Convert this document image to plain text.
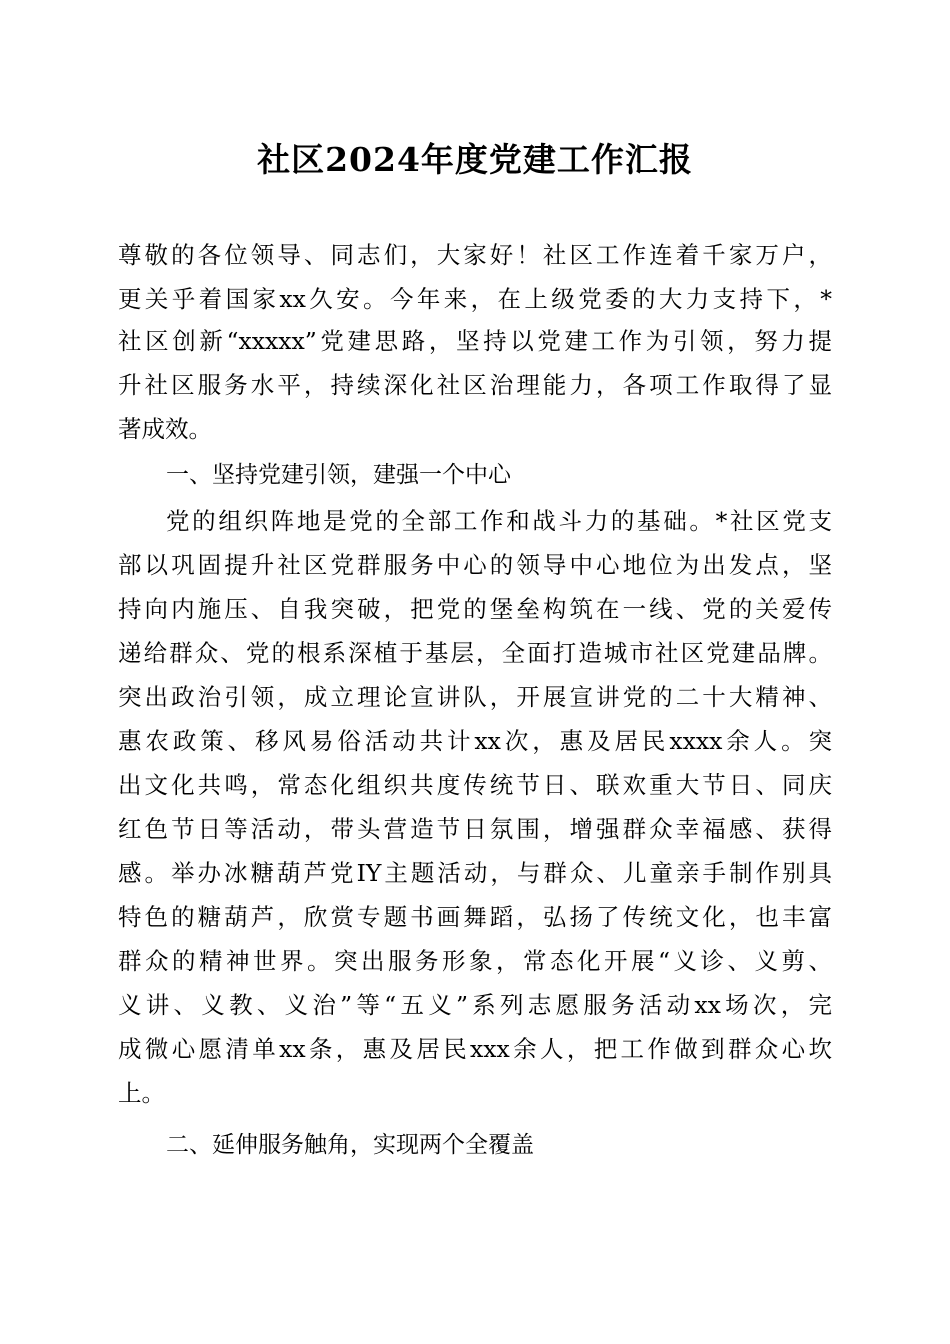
社区2024年度党建工作汇报
尊敬的各位领导、同志们，大家好！社区工作连着千家万户，
更关乎着国家xx久安。今年来，在上级党委的大力支持下，*
社区创新“xxxxx”党建思路，坚持以党建工作为引领，努力提
升社区服务水平，持续深化社区治理能力，各项工作取得了显
著成效。
一、坚持党建引领，建强一个中心
党的组织阵地是党的全部工作和战斗力的基础。*社区党支
部以巩固提升社区党群服务中心的领导中心地位为出发点，坚
持向内施压、自我突破，把党的堡垒构筑在一线、党的关爱传
递给群众、党的根系深植于基层，全面打造城市社区党建品牌。
突出政治引领，成立理论宣讲队，开展宣讲党的二十大精神、
惠农政策、移风易俗活动共计xx次，惠及居民xxxx余人。突
出文化共鸣，常态化组织共度传统节日、联欢重大节日、同庆
红色节日等活动，带头营造节日氛围，增强群众幸福感、获得
感。举办冰糖葫芦党IY主题活动，与群众、儿童亲手制作别具
特色的糖葫芦，欣赏专题书画舞蹈，弘扬了传统文化，也丰富
群众的精神世界。突出服务形象，常态化开展“义诊、义剪、
义讲、义教、义治”等“五义”系列志愿服务活动xx场次，完
成微心愿清单xx条，惠及居民xxx余人，把工作做到群众心坎
上。
二、延伸服务触角，实现两个全覆盖
